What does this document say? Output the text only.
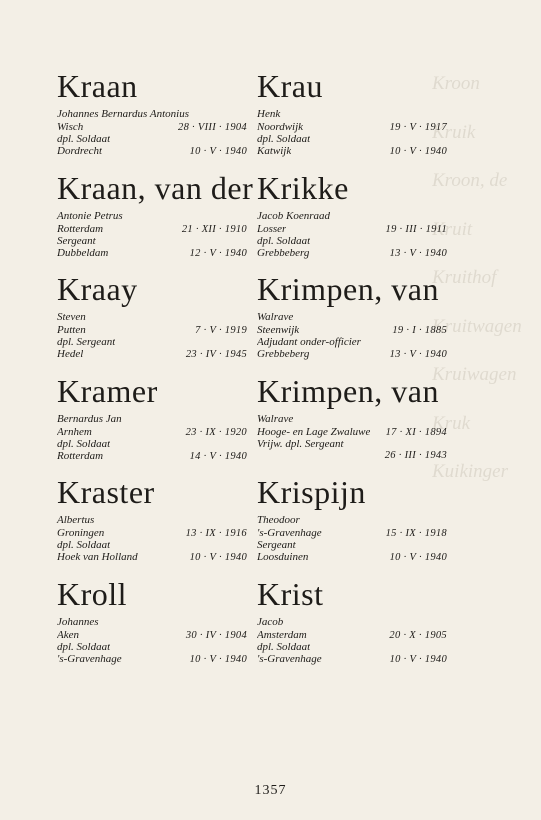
Kroon
Kruik
Kroon, de
Kruit
Kruithof
Kruitwagen
Kruiwagen
Kruk
Kuikinger
Kraan
Johannes Bernardus Antonius
Wisch	28 · VIII · 1904
dpl. Soldaat
Dordrecht	10 · V · 1940
Kraan, van der
Antonie Petrus
Rotterdam	21 · XII · 1910
Sergeant
Dubbeldam	12 · V · 1940
Kraay
Steven
Putten	7 · V · 1919
dpl. Sergeant
Hedel	23 · IV · 1945
Kramer
Bernardus Jan
Arnhem	23 · IX · 1920
dpl. Soldaat
Rotterdam	14 · V · 1940
Kraster
Albertus
Groningen	13 · IX · 1916
dpl. Soldaat
Hoek van Holland	10 · V · 1940
Kroll
Johannes
Aken	30 · IV · 1904
dpl. Soldaat
's-Gravenhage	10 · V · 1940
Krau
Henk
Noordwijk	19 · V · 1917
dpl. Soldaat
Katwijk	10 · V · 1940
Krikke
Jacob Koenraad
Losser	19 · III · 1911
dpl. Soldaat
Grebbeberg	13 · V · 1940
Krimpen, van
Walrave
Steenwijk	19 · I · 1885
Adjudant onder-officier
Grebbeberg	13 · V · 1940
Krimpen, van
Walrave
Hooge- en Lage Zwaluwe 17 · XI · 1894
Vrijw. dpl. Sergeant
26 · III · 1943
Krispijn
Theodoor
's-Gravenhage	15 · IX · 1918
Sergeant
Loosduinen	10 · V · 1940
Krist
Jacob
Amsterdam	20 · X · 1905
dpl. Soldaat
's-Gravenhage	10 · V · 1940
1357
